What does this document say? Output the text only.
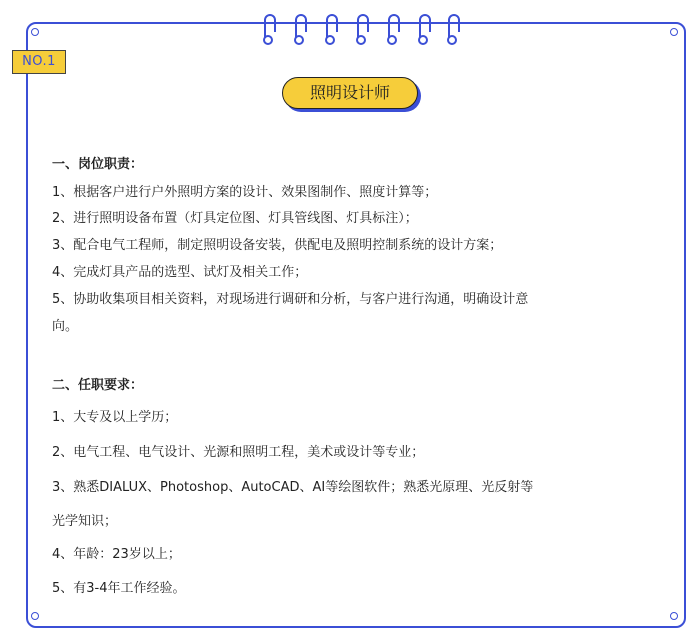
NO.1
照明设计师
一、岗位职责：
1、根据客户进行户外照明方案的设计、效果图制作、照度计算等；
2、进行照明设备布置（灯具定位图、灯具管线图、灯具标注）；
3、配合电气工程师，制定照明设备安装，供配电及照明控制系统的设计方案；
4、完成灯具产品的选型、试灯及相关工作；
5、协助收集项目相关资料，对现场进行调研和分析，与客户进行沟通，明确设计意
向。
二、任职要求：
1、大专及以上学历；
2、电气工程、电气设计、光源和照明工程，美术或设计等专业；
3、熟悉DIALUX、Photoshop、AutoCAD、AI等绘图软件；熟悉光原理、光反射等
光学知识；
4、年龄：23岁以上；
5、有3-4年工作经验。
